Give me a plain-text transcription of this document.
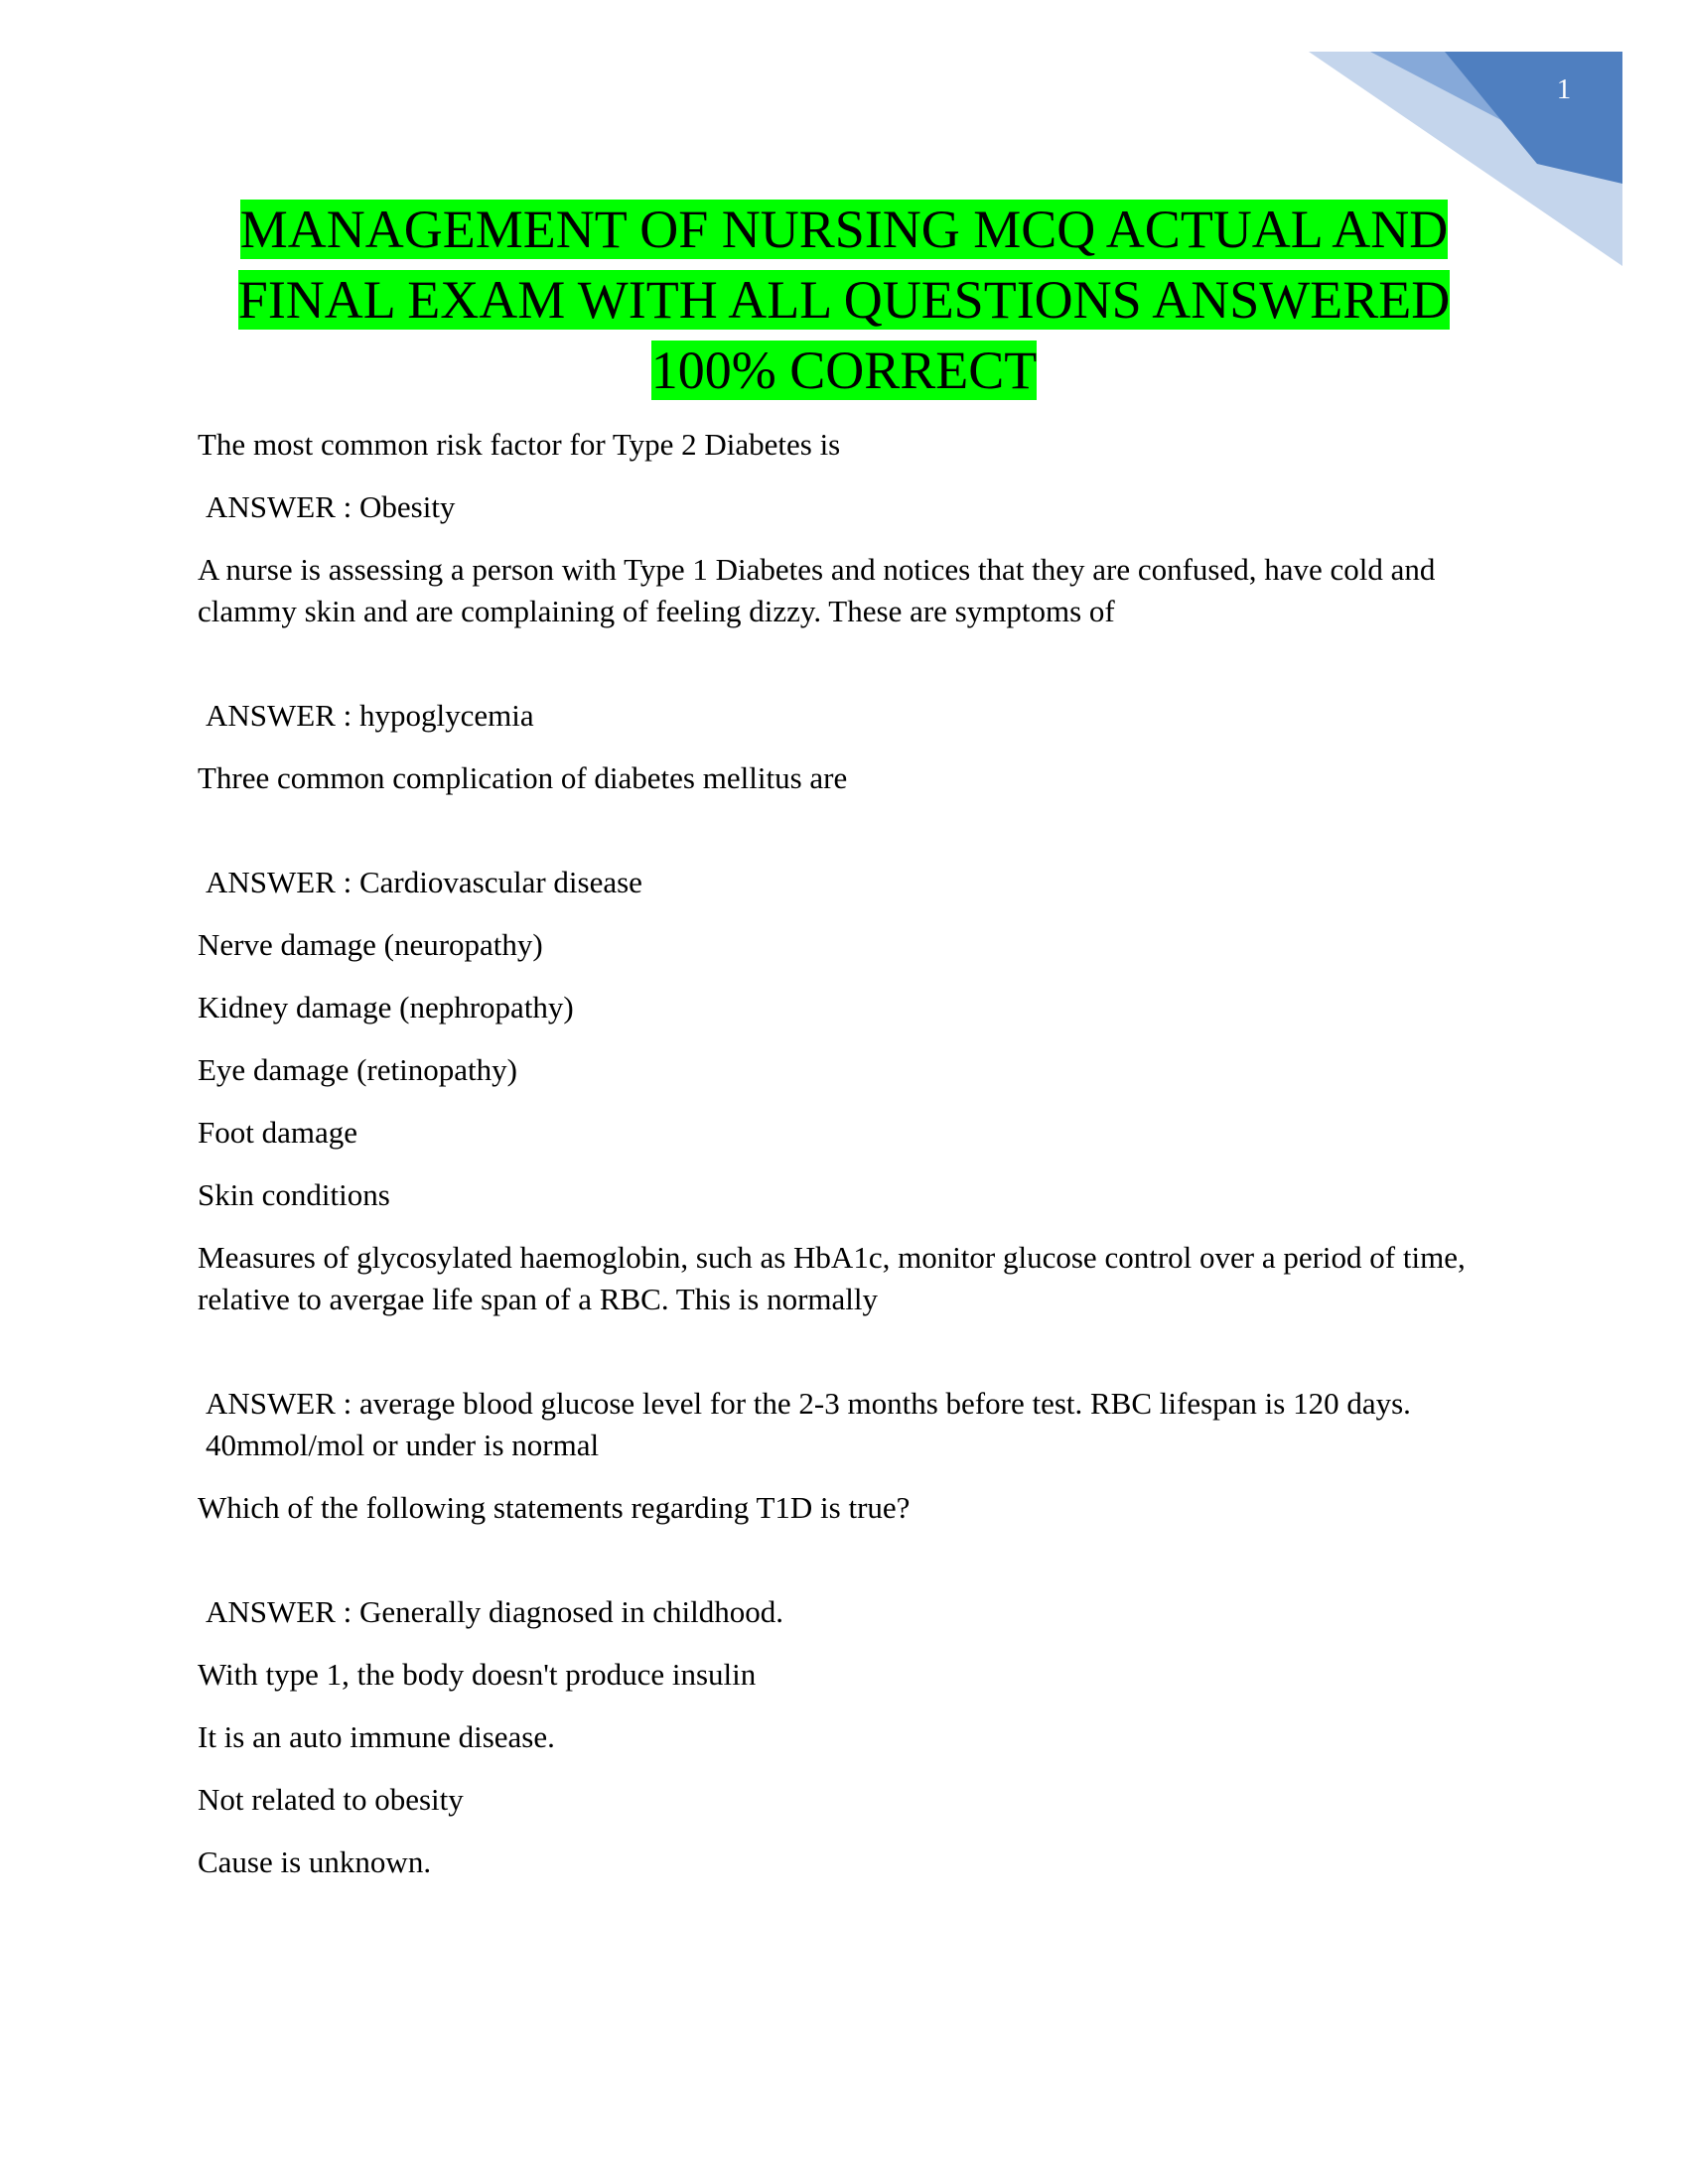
1
MANAGEMENT OF NURSING MCQ ACTUAL AND
FINAL EXAM WITH ALL QUESTIONS ANSWERED
100% CORRECT

The most common risk factor for Type 2 Diabetes is

ANSWER : Obesity

A nurse is assessing a person with Type 1 Diabetes and notices that they are confused, have cold and clammy skin and are complaining of feeling dizzy. These are symptoms of

ANSWER : hypoglycemia

Three common complication of diabetes mellitus are

ANSWER : Cardiovascular disease

Nerve damage (neuropathy)

Kidney damage (nephropathy)

Eye damage (retinopathy)

Foot damage

Skin conditions

Measures of glycosylated haemoglobin, such as HbA1c, monitor glucose control over a period of time, relative to avergae life span of a RBC. This is normally

ANSWER : average blood glucose level for the 2-3 months before test. RBC lifespan is 120 days. 40mmol/mol or under is normal

Which of the following statements regarding T1D is true?

ANSWER : Generally diagnosed in childhood.

With type 1, the body doesn't produce insulin

It is an auto immune disease.

Not related to obesity

Cause is unknown.
